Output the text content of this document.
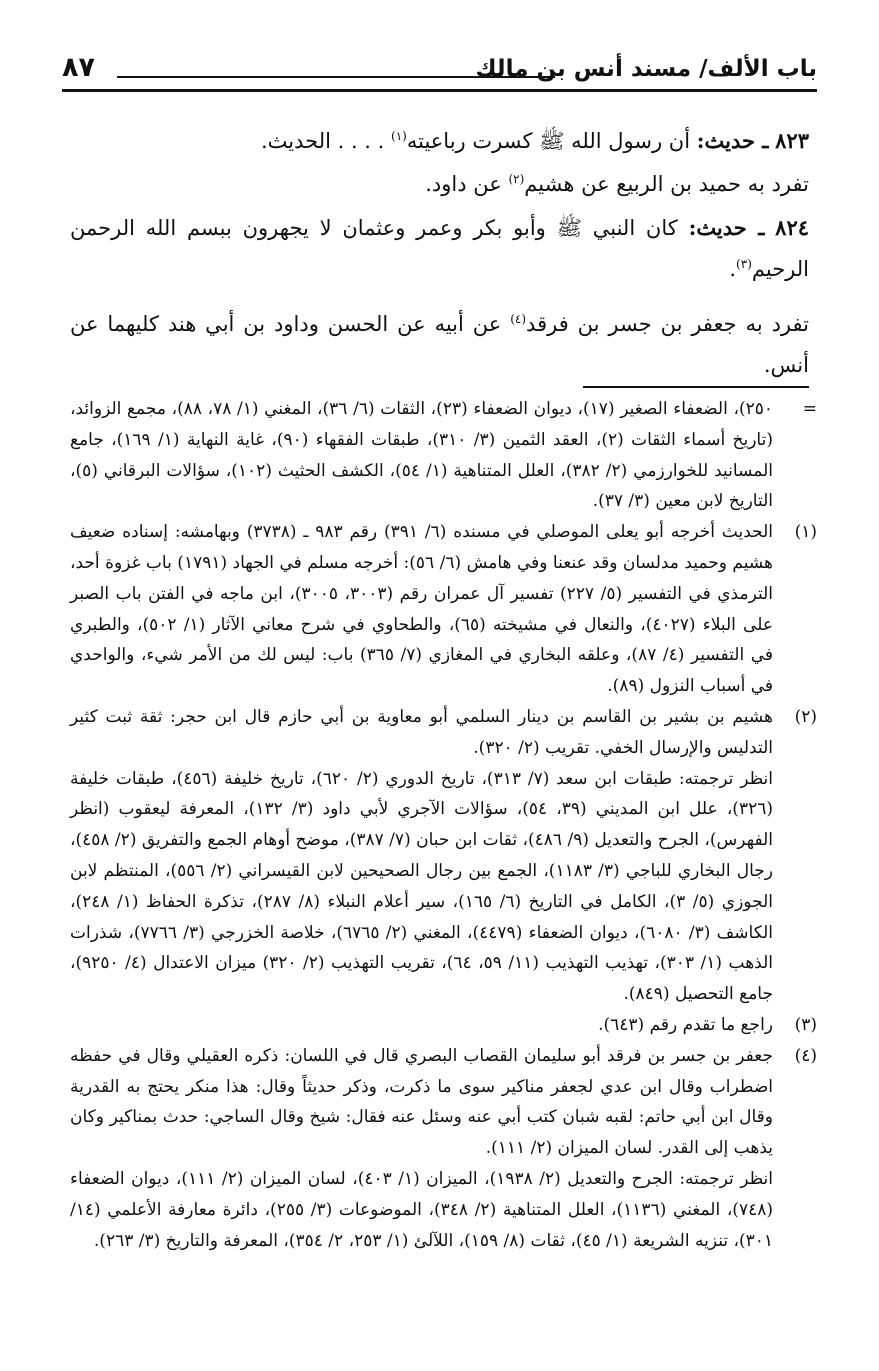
باب الألف/ مسند أنس بن مالك
٨٧

٨٢٣ ـ حديث: أن رسول الله ﷺ كسرت رباعيته$^{(١)}$ . . . . الحديث.

تفرد به حميد بن الربيع عن هشيم$^{(٢)}$ عن داود.

٨٢٤ ـ حديث: كان النبي ﷺ وأبو بكر وعمر وعثمان لا يجهرون ببسم الله الرحمن الرحيم$^{(٣)}$.

تفرد به جعفر بن جسر بن فرقد$^{(٤)}$ عن أبيه عن الحسن وداود بن أبي هند كليهما عن أنس.

=

٢٥٠)، الضعفاء الصغير (١٧)، ديوان الضعفاء (٢٣)، الثقات (٦/ ٣٦)، المغني (١/ ٧٨، ٨٨)، مجمع الزوائد، (تاريخ أسماء الثقات (٢)، العقد الثمين (٣/ ٣١٠)، طبقات الفقهاء (٩٠)، غاية النهاية (١/ ١٦٩)، جامع المسانيد للخوارزمي (٢/ ٣٨٢)، العلل المتناهية (١/ ٥٤)، الكشف الحثيث (١٠٢)، سؤالات البرقاني (٥)، التاريخ لابن معين (٣/ ٣٧).

(١)

الحديث أخرجه أبو يعلى الموصلي في مسنده (٦/ ٣٩١) رقم ٩٨٣ ـ (٣٧٣٨) وبهامشه: إسناده ضعيف هشيم وحميد مدلسان وقد عنعنا وفي هامش (٦/ ٥٦): أخرجه مسلم في الجهاد (١٧٩١) باب غزوة أحد، الترمذي في التفسير (٥/ ٢٢٧) تفسير آل عمران رقم (٣٠٠٣، ٣٠٠٥)، ابن ماجه في الفتن باب الصبر على البلاء (٤٠٢٧)، والنعال في مشيخته (٦٥)، والطحاوي في شرح معاني الآثار (١/ ٥٠٢)، والطبري في التفسير (٤/ ٨٧)، وعلقه البخاري في المغازي (٧/ ٣٦٥) باب: ليس لك من الأمر شيء، والواحدي في أسباب النزول (٨٩).

(٢)

هشيم بن بشير بن القاسم بن دينار السلمي أبو معاوية بن أبي حازم قال ابن حجر: ثقة ثبت كثير التدليس والإرسال الخفي. تقريب (٢/ ٣٢٠).

انظر ترجمته: طبقات ابن سعد (٧/ ٣١٣)، تاريخ الدوري (٢/ ٦٢٠)، تاريخ خليفة (٤٥٦)، طبقات خليفة (٣٢٦)، علل ابن المديني (٣٩، ٥٤)، سؤالات الآجري لأبي داود (٣/ ١٣٢)، المعرفة ليعقوب (انظر الفهرس)، الجرح والتعديل (٩/ ٤٨٦)، ثقات ابن حبان (٧/ ٣٨٧)، موضح أوهام الجمع والتفريق (٢/ ٤٥٨)، رجال البخاري للباجي (٣/ ١١٨٣)، الجمع بين رجال الصحيحين لابن القيسراني (٢/ ٥٥٦)، المنتظم لابن الجوزي (٥/ ٣)، الكامل في التاريخ (٦/ ١٦٥)، سير أعلام النبلاء (٨/ ٢٨٧)، تذكرة الحفاظ (١/ ٢٤٨)، الكاشف (٣/ ٦٠٨٠)، ديوان الضعفاء (٤٤٧٩)، المغني (٢/ ٦٧٦٥)، خلاصة الخزرجي (٣/ ٧٧٦٦)، شذرات الذهب (١/ ٣٠٣)، تهذيب التهذيب (١١/ ٥٩، ٦٤)، تقريب التهذيب (٢/ ٣٢٠) ميزان الاعتدال (٤/ ٩٢٥٠)، جامع التحصيل (٨٤٩).

(٣)

راجع ما تقدم رقم (٦٤٣).

(٤)

جعفر بن جسر بن فرقد أبو سليمان القصاب البصري قال في اللسان: ذكره العقيلي وقال في حفظه اضطراب وقال ابن عدي لجعفر مناكير سوى ما ذكرت، وذكر حديثاً وقال: هذا منكر يحتج به القدرية وقال ابن أبي حاتم: لقبه شبان كتب أبي عنه وسئل عنه فقال: شيخ وقال الساجي: حدث بمناكير وكان يذهب إلى القدر. لسان الميزان (٢/ ١١١).

انظر ترجمته: الجرح والتعديل (٢/ ١٩٣٨)، الميزان (١/ ٤٠٣)، لسان الميزان (٢/ ١١١)، ديوان الضعفاء (٧٤٨)، المغني (١١٣٦)، العلل المتناهية (٢/ ٣٤٨)، الموضوعات (٣/ ٢٥٥)، دائرة معارفة الأعلمي (١٤/ ٣٠١)، تنزيه الشريعة (١/ ٤٥)، ثقات (٨/ ١٥٩)، اللآلئ (١/ ٢٥٣، ٢/ ٣٥٤)، المعرفة والتاريخ (٣/ ٢٦٣).
